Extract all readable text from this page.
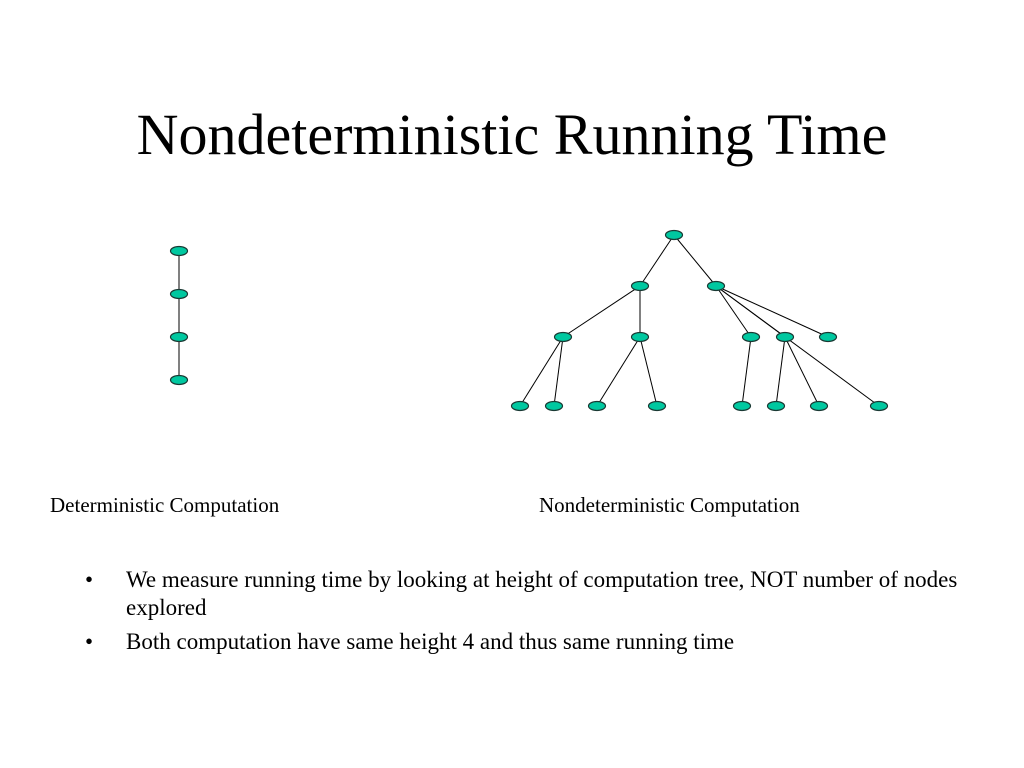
Nondeterministic Running Time
Deterministic Computation	Nondeterministic Computation
• We measure running time by looking at height of computation tree, NOT number of nodes explored
• Both computation have same height 4 and thus same running time
